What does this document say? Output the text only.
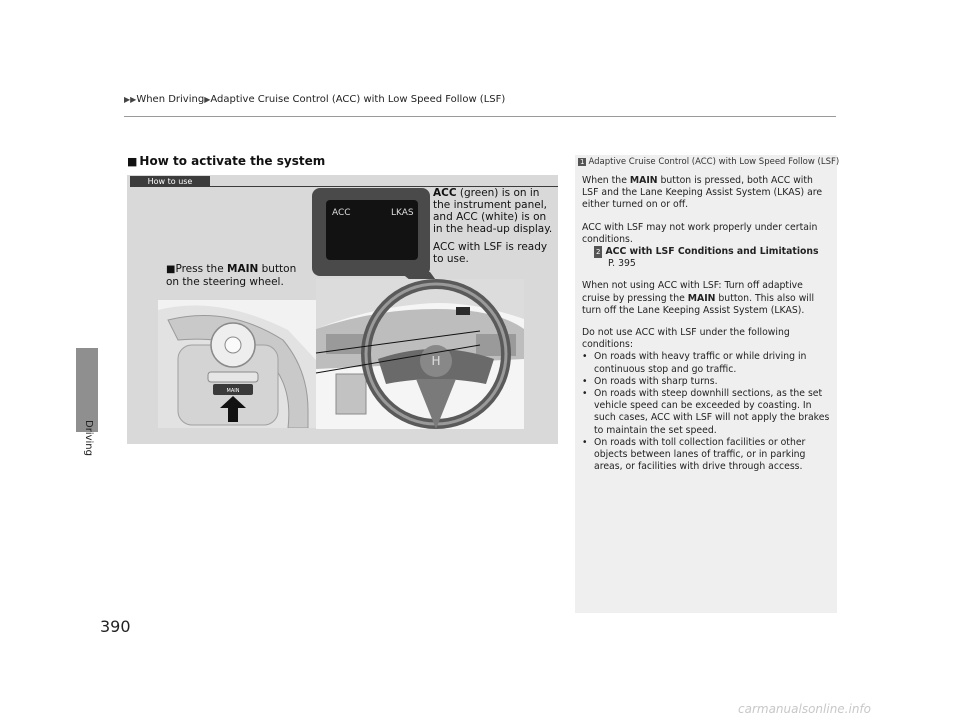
▶▶When Driving▶Adaptive Cruise Control (ACC) with Low Speed Follow (LSF)
Driving
390
■ How to activate the system
How to use
ACC	LKAS
ACC (green) is on in the instrument panel, and ACC (white) is on in the head-up display.
ACC with LSF is ready to use.
■Press the MAIN button on the steering wheel.
MAIN
H
1 Adaptive Cruise Control (ACC) with Low Speed Follow (LSF)

When the MAIN button is pressed, both ACC with LSF and the Lane Keeping Assist System (LKAS) are either turned on or off.

ACC with LSF may not work properly under certain conditions.

2 ACC with LSF Conditions and Limitations

P. 395

When not using ACC with LSF: Turn off adaptive cruise by pressing the MAIN button. This also will turn off the Lane Keeping Assist System (LKAS).

Do not use ACC with LSF under the following conditions:

• On roads with heavy traffic or while driving in continuous stop and go traffic.
• On roads with sharp turns.
• On roads with steep downhill sections, as the set vehicle speed can be exceeded by coasting. In such cases, ACC with LSF will not apply the brakes to maintain the set speed.
• On roads with toll collection facilities or other objects between lanes of traffic, or in parking areas, or facilities with drive through access.
carmanualsonline.info
